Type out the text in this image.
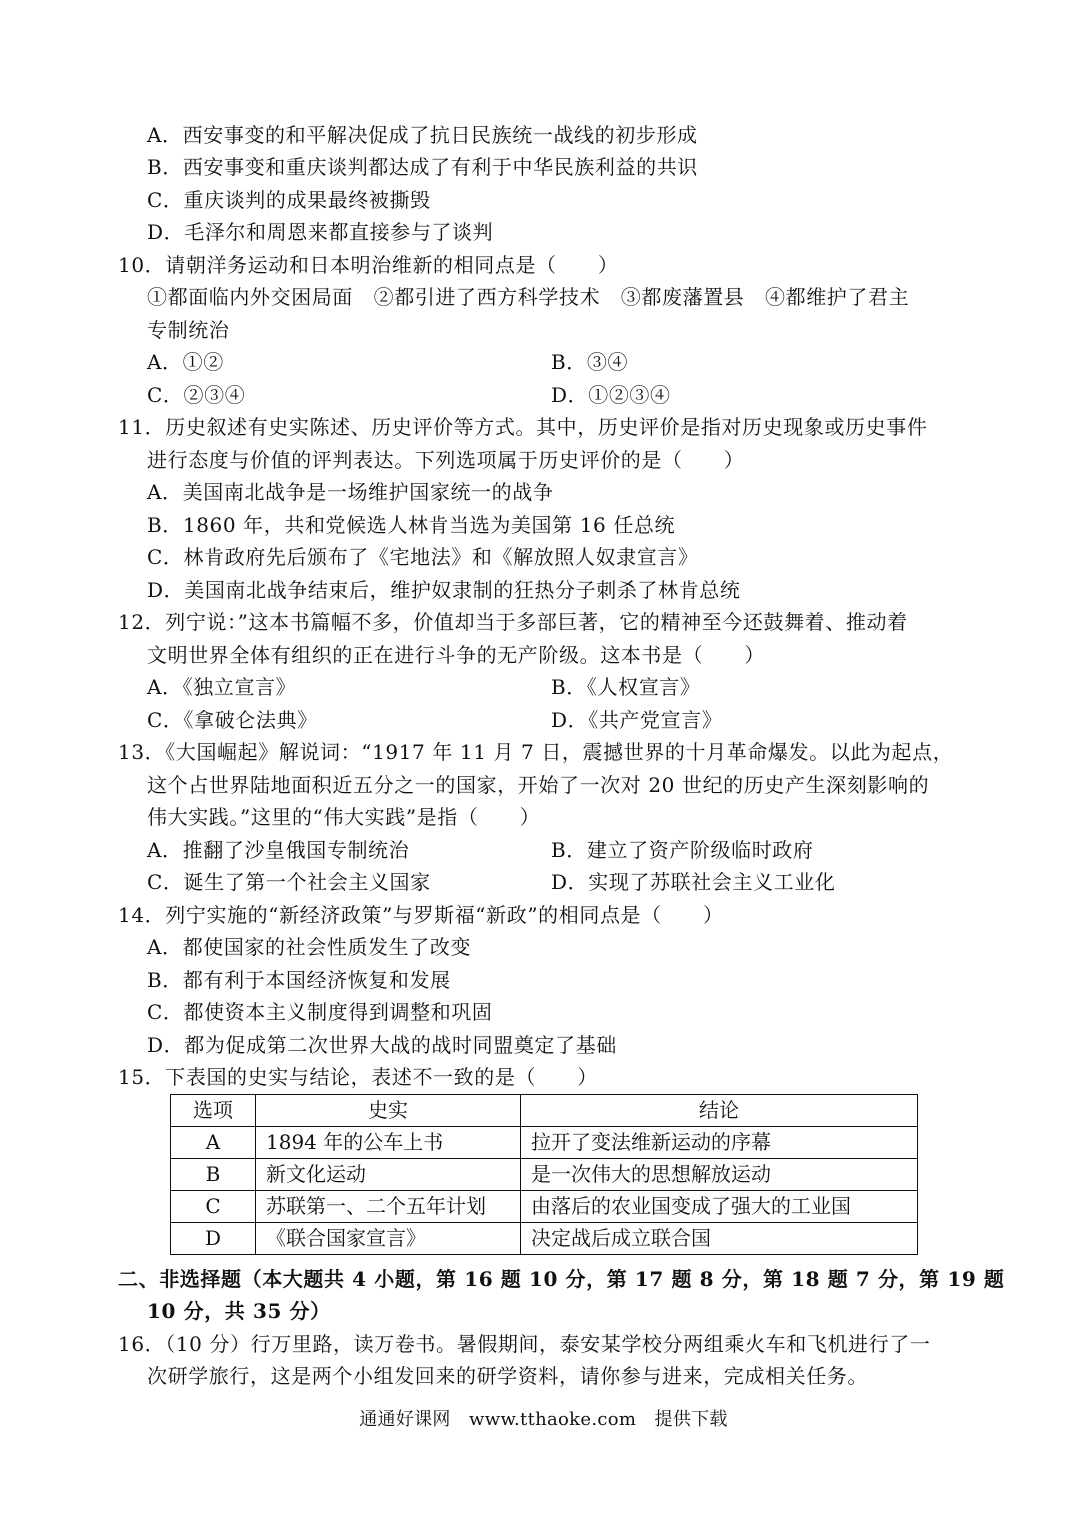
A．西安事变的和平解决促成了抗日民族统一战线的初步形成
B．西安事变和重庆谈判都达成了有利于中华民族利益的共识
C．重庆谈判的成果最终被撕毁
D．毛泽尔和周恩来都直接参与了谈判
10．请朝洋务运动和日本明治维新的相同点是（　　）
①都面临内外交困局面　②都引进了西方科学技术　③都废藩置县　④都维护了君主
专制统治
A．①②	B．③④
C．②③④	D．①②③④
11．历史叙述有史实陈述、历史评价等方式。其中，历史评价是指对历史现象或历史事件
进行态度与价值的评判表达。下列选项属于历史评价的是（　　）
A．美国南北战争是一场维护国家统一的战争
B．1860 年，共和党候选人林肯当选为美国第 16 任总统
C．林肯政府先后颁布了《宅地法》和《解放照人奴隶宣言》
D．美国南北战争结束后，维护奴隶制的狂热分子刺杀了林肯总统
12．列宁说：”这本书篇幅不多，价值却当于多部巨著，它的精神至今还鼓舞着、推动着
文明世界全体有组织的正在进行斗争的无产阶级。这本书是（　　）
A．《独立宣言》	B．《人权宣言》
C．《拿破仑法典》	D．《共产党宣言》
13．《大国崛起》解说词：“1917 年 11 月 7 日，震撼世界的十月革命爆发。以此为起点，
这个占世界陆地面积近五分之一的国家，开始了一次对 20 世纪的历史产生深刻影响的
伟大实践。”这里的“伟大实践”是指（　　）
A．推翻了沙皇俄国专制统治	B．建立了资产阶级临时政府
C．诞生了第一个社会主义国家	D．实现了苏联社会主义工业化
14．列宁实施的“新经济政策”与罗斯福“新政”的相同点是（　　）
A．都使国家的社会性质发生了改变
B．都有利于本国经济恢复和发展
C．都使资本主义制度得到调整和巩固
D．都为促成第二次世界大战的战时同盟奠定了基础
15．下表国的史实与结论，表述不一致的是（　　）
选项	史实	结论
A	1894 年的公车上书	拉开了变法维新运动的序幕
B	新文化运动	是一次伟大的思想解放运动
C	苏联第一、二个五年计划	由落后的农业国变成了强大的工业国
D	《联合国家宣言》	决定战后成立联合国
二、非选择题（本大题共 4 小题，第 16 题 10 分，第 17 题 8 分，第 18 题 7 分，第 19 题
10 分，共 35 分）
16．（10 分）行万里路，读万卷书。暑假期间，泰安某学校分两组乘火车和飞机进行了一
次研学旅行，这是两个小组发回来的研学资料，请你参与进来，完成相关任务。
通通好课网　www.tthaoke.com　提供下载
